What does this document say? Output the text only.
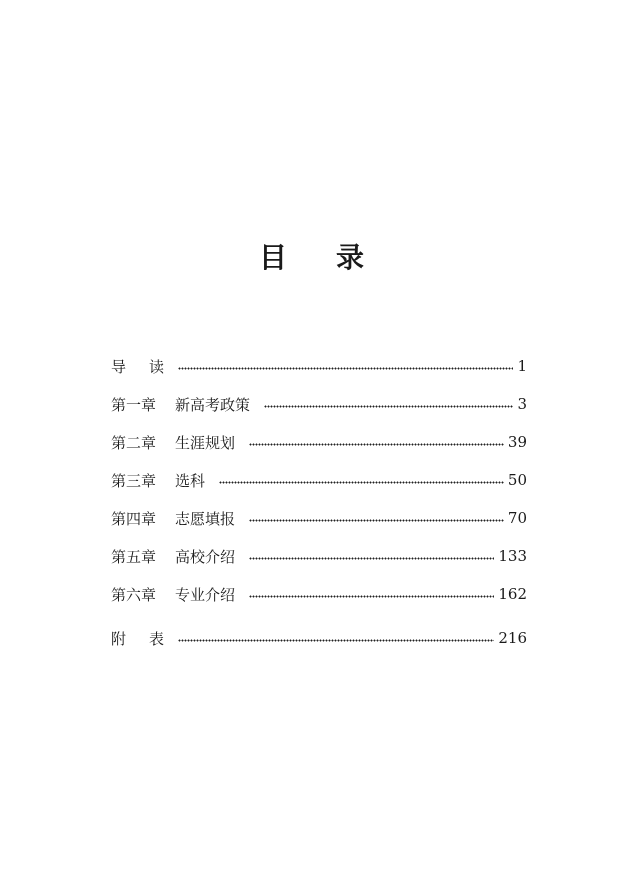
目 录
导 读	1
第一章	新高考政策	3
第二章	生涯规划	39
第三章	选科	50
第四章	志愿填报	70
第五章	高校介绍	133
第六章	专业介绍	162
附 表	216
